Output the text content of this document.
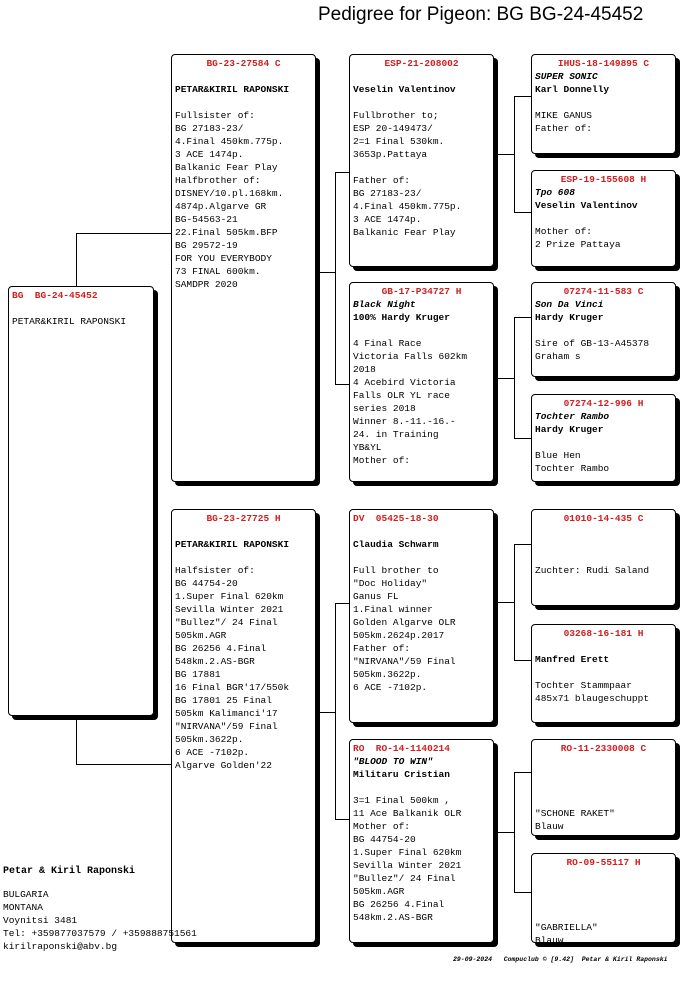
Pedigree for Pigeon: BG BG-24-45452
BG  BG-24-45452
PETAR&KIRIL RAPONSKI
BG-23-27584 C
PETAR&KIRIL RAPONSKI
Fullsister of:
BG 27183-23/
4.Final 450km.775p.
3 ACE 1474p.
Balkanic Fear Play
Halfbrother of:
DISNEY/10.pl.168km.
4874p.Algarve GR
BG-54563-21
22.Final 505km.BFP
BG 29572-19
FOR YOU EVERYBODY
73 FINAL 600km.
SAMDPR 2020
BG-23-27725 H
PETAR&KIRIL RAPONSKI
Halfsister of:
BG 44754-20
1.Super Final 620km
Sevilla Winter 2021
"Bullez"/ 24 Final
505km.AGR
BG 26256 4.Final
548km.2.AS-BGR
BG 17881
16 Final BGR'17/550k
BG 17801 25 Final
505km Kalimanci'17
"NIRVANA"/59 Final
505km.3622p.
6 ACE -7102p.
Algarve Golden'22
ESP-21-208002
Veselin Valentinov
Fullbrother to;
ESP 20-149473/
2=1 Final 530km.
3653p.Pattaya

Father of:
BG 27183-23/
4.Final 450km.775p.
3 ACE 1474p.
Balkanic Fear Play
GB-17-P34727 H
Black Night
100% Hardy Kruger
4 Final Race
Victoria Falls 602km
2018
4 Acebird Victoria
Falls OLR YL race
series 2018
Winner 8.-11.-16.-
24. in Training
YB&YL
Mother of:
DV  05425-18-30
Claudia Schwarm
Full brother to
"Doc Holiday"
Ganus FL
1.Final winner
Golden Algarve OLR
505km.2624p.2017
Father of:
"NIRVANA"/59 Final
505km.3622p.
6 ACE -7102p.
RO  RO-14-1140214
"BLOOD TO WIN"
Militaru Cristian
3=1 Final 500km ,
11 Ace Balkanik OLR
Mother of:
BG 44754-20
1.Super Final 620km
Sevilla Winter 2021
"Bullez"/ 24 Final
505km.AGR
BG 26256 4.Final
548km.2.AS-BGR
IHUS-18-149895 C
SUPER SONIC
Karl Donnelly
MIKE GANUS
Father of:
ESP-19-155608 H
Tpo 608
Veselin Valentinov
Mother of:
2 Prize Pattaya
07274-11-583 C
Son Da Vinci
Hardy Kruger
Sire of GB-13-A45378
Graham s
07274-12-996 H
Tochter Rambo
Hardy Kruger
Blue Hen
Tochter Rambo
01010-14-435 C
Zuchter: Rudi Saland
03268-16-181 H
Manfred Erett
Tochter Stammpaar
485x71 blaugeschuppt
RO-11-2330008 C
"SCHONE RAKET"
Blauw
RO-09-55117 H
"GABRIELLA"
Blauw
Petar & Kiril Raponski
BULGARIA
MONTANA
Voynitsi 3481
Tel: +359877037579 / +359888751561
kirilraponski@abv.bg
29-09-2024   Compuclub © [9.42]  Petar & Kiril Raponski
